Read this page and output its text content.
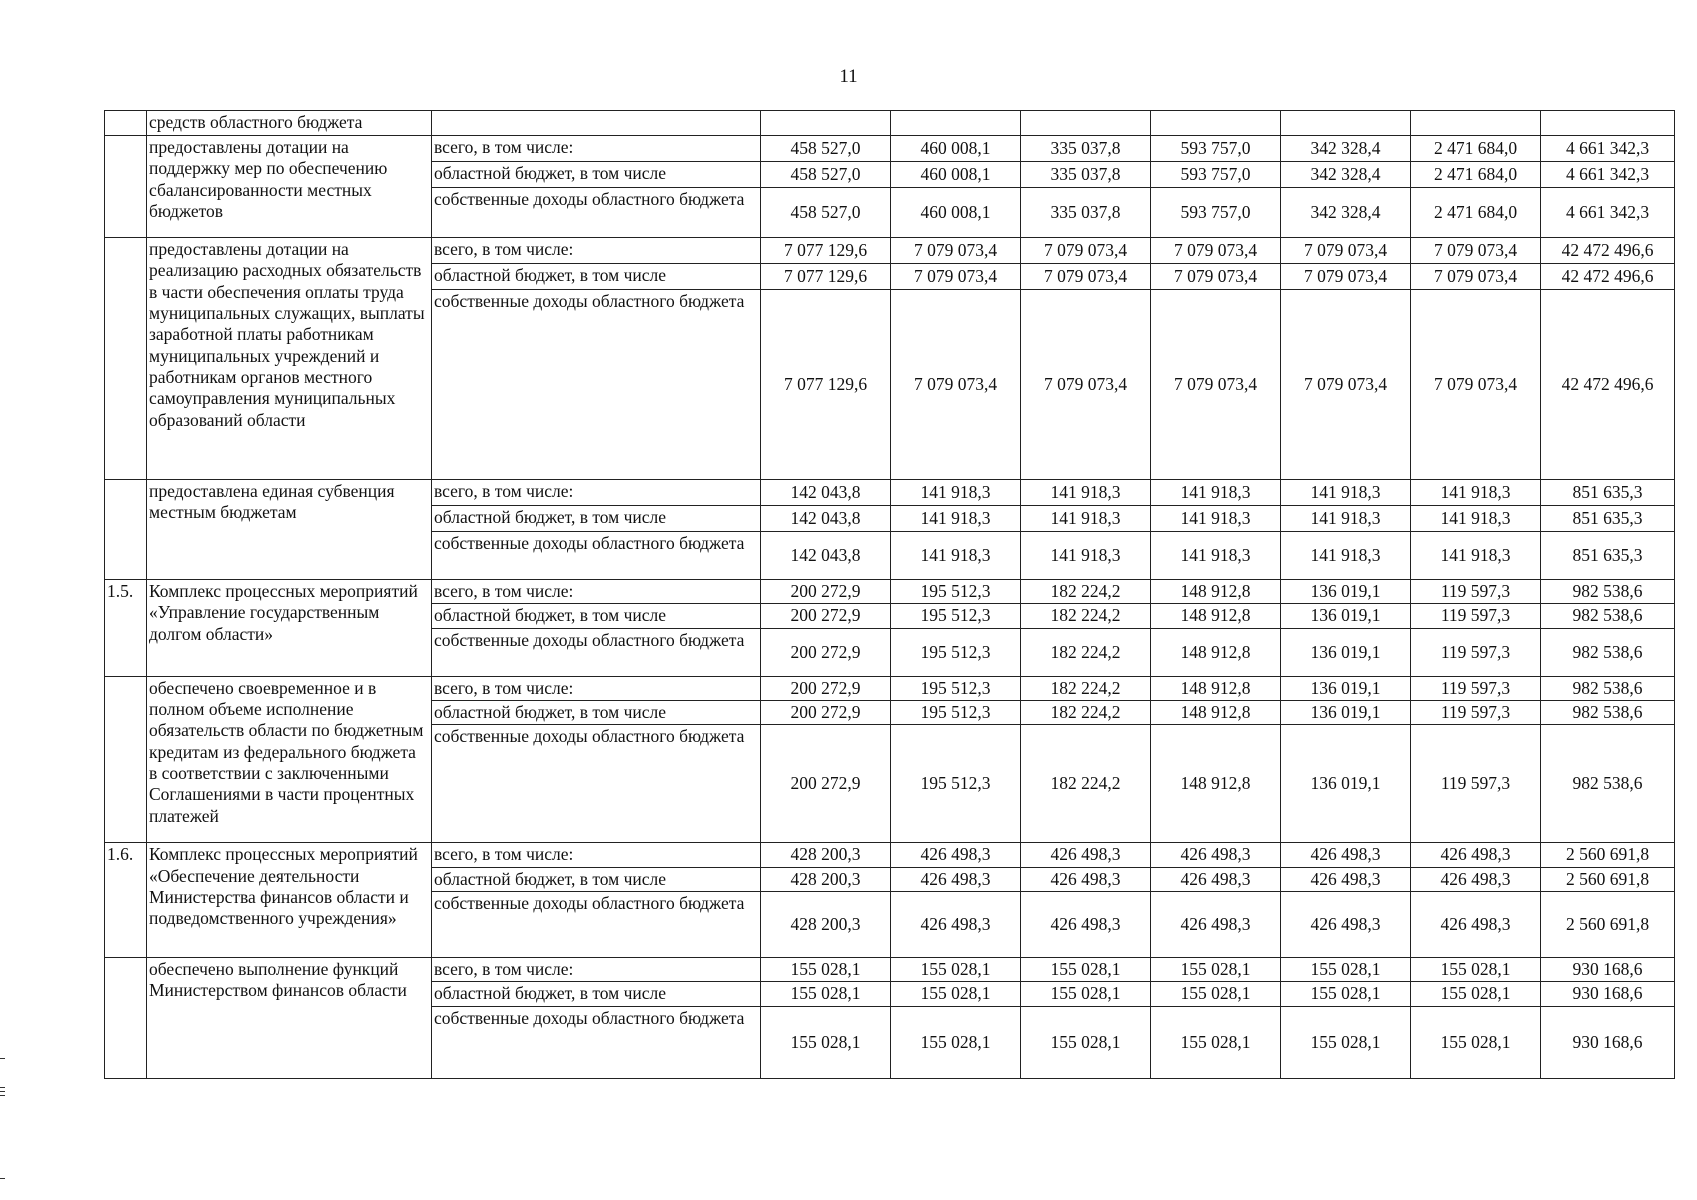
11
	средств областного бюджета								
	предоставлены дотации на поддержку мер по обеспечению сбалансированности местных бюджетов	всего, в том числе:	458 527,0	460 008,1	335 037,8	593 757,0	342 328,4	2 471 684,0	4 661 342,3
		областной бюджет, в том числе	458 527,0	460 008,1	335 037,8	593 757,0	342 328,4	2 471 684,0	4 661 342,3
		собственные доходы областного бюджета	458 527,0	460 008,1	335 037,8	593 757,0	342 328,4	2 471 684,0	4 661 342,3
	предоставлены дотации на реализацию расходных обязательств в части обеспечения оплаты труда муниципальных служащих, выплаты заработной платы работникам муниципальных учреждений и работникам органов местного самоуправления муниципальных образований области	всего, в том числе:	7 077 129,6	7 079 073,4	7 079 073,4	7 079 073,4	7 079 073,4	7 079 073,4	42 472 496,6
		областной бюджет, в том числе	7 077 129,6	7 079 073,4	7 079 073,4	7 079 073,4	7 079 073,4	7 079 073,4	42 472 496,6
		собственные доходы областного бюджета	7 077 129,6	7 079 073,4	7 079 073,4	7 079 073,4	7 079 073,4	7 079 073,4	42 472 496,6
	предоставлена единая субвенция местным бюджетам	всего, в том числе:	142 043,8	141 918,3	141 918,3	141 918,3	141 918,3	141 918,3	851 635,3
		областной бюджет, в том числе	142 043,8	141 918,3	141 918,3	141 918,3	141 918,3	141 918,3	851 635,3
		собственные доходы областного бюджета	142 043,8	141 918,3	141 918,3	141 918,3	141 918,3	141 918,3	851 635,3
1.5.	Комплекс процессных мероприятий «Управление государственным долгом области»	всего, в том числе:	200 272,9	195 512,3	182 224,2	148 912,8	136 019,1	119 597,3	982 538,6
		областной бюджет, в том числе	200 272,9	195 512,3	182 224,2	148 912,8	136 019,1	119 597,3	982 538,6
		собственные доходы областного бюджета	200 272,9	195 512,3	182 224,2	148 912,8	136 019,1	119 597,3	982 538,6
	обеспечено своевременное и в полном объеме исполнение обязательств области по бюджетным кредитам из федерального бюджета в соответствии с заключенными Соглашениями в части процентных платежей	всего, в том числе:	200 272,9	195 512,3	182 224,2	148 912,8	136 019,1	119 597,3	982 538,6
		областной бюджет, в том числе	200 272,9	195 512,3	182 224,2	148 912,8	136 019,1	119 597,3	982 538,6
		собственные доходы областного бюджета	200 272,9	195 512,3	182 224,2	148 912,8	136 019,1	119 597,3	982 538,6
1.6.	Комплекс процессных мероприятий «Обеспечение деятельности Министерства финансов области и подведомственного учреждения»	всего, в том числе:	428 200,3	426 498,3	426 498,3	426 498,3	426 498,3	426 498,3	2 560 691,8
		областной бюджет, в том числе	428 200,3	426 498,3	426 498,3	426 498,3	426 498,3	426 498,3	2 560 691,8
		собственные доходы областного бюджета	428 200,3	426 498,3	426 498,3	426 498,3	426 498,3	426 498,3	2 560 691,8
	обеспечено выполнение функций Министерством финансов области	всего, в том числе:	155 028,1	155 028,1	155 028,1	155 028,1	155 028,1	155 028,1	930 168,6
		областной бюджет, в том числе	155 028,1	155 028,1	155 028,1	155 028,1	155 028,1	155 028,1	930 168,6
		собственные доходы областного бюджета	155 028,1	155 028,1	155 028,1	155 028,1	155 028,1	155 028,1	930 168,6
